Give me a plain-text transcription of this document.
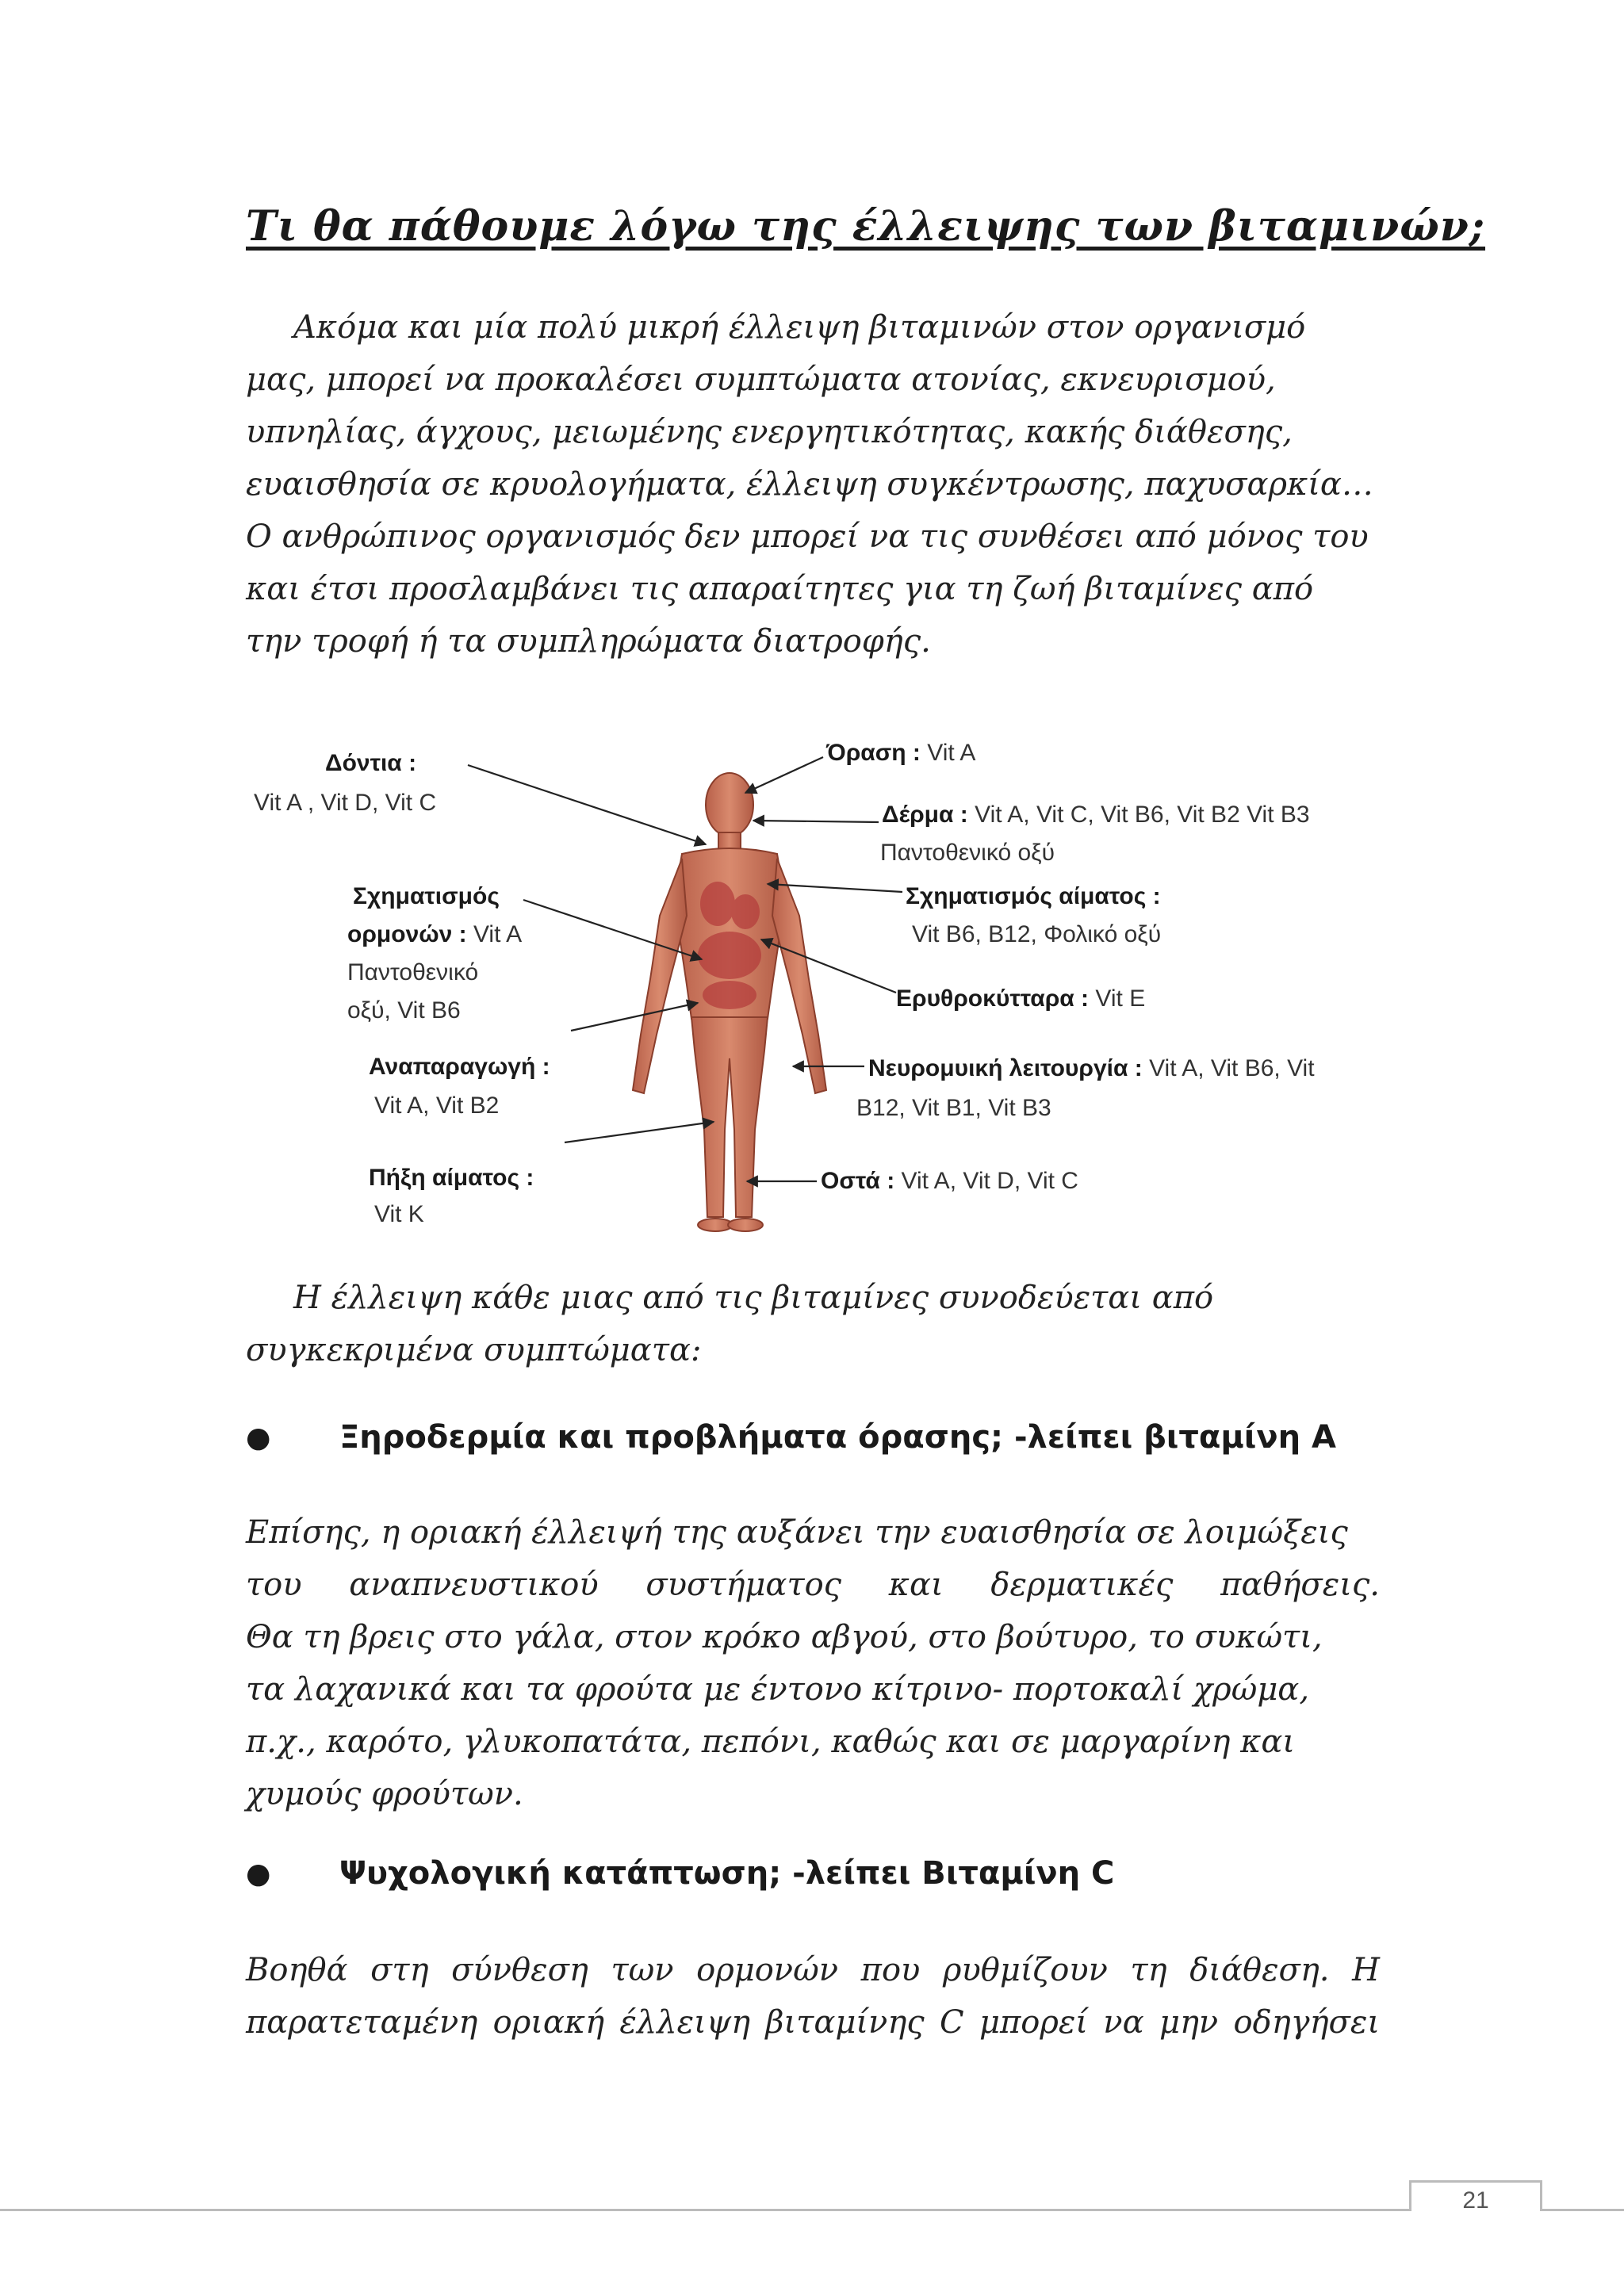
Τι θα πάθουμε λόγω της έλλειψης των βιταμινών;
Ακόμα και μία πολύ μικρή έλλειψη βιταμινών στον οργανισμό
μας, μπορεί να προκαλέσει συμπτώματα ατονίας, εκνευρισμού,
υπνηλίας, άγχους, μειωμένης ενεργητικότητας, κακής διάθεσης,
ευαισθησία σε κρυολογήματα, έλλειψη συγκέντρωσης, παχυσαρκία…
Ο ανθρώπινος οργανισμός δεν μπορεί να τις συνθέσει από μόνος του
και έτσι προσλαμβάνει τις απαραίτητες για τη ζωή βιταμίνες από
την τροφή ή τα συμπληρώματα διατροφής.
Δόντια :
Vit A , Vit D, Vit C
Σχηματισμός
ορμονών : Vit A
Παντοθενικό
οξύ, Vit B6
Αναπαραγωγή :
Vit A, Vit B2
Πήξη αίματος :
Vit K
Όραση : Vit A
Δέρμα : Vit A, Vit C, Vit B6, Vit B2 Vit B3
Παντοθενικό οξύ
Σχηματισμός αίματος :
Vit B6, B12, Φολικό οξύ
Ερυθροκύτταρα : Vit E
Νευρομυική λειτουργία : Vit A, Vit B6, Vit
B12, Vit B1, Vit B3
Οστά : Vit A, Vit D, Vit C
Η έλλειψη κάθε μιας από τις βιταμίνες συνοδεύεται από
συγκεκριμένα συμπτώματα:
●	Ξηροδερμία και προβλήματα όρασης; -λείπει βιταμίνη Α
Επίσης, η οριακή έλλειψή της αυξάνει την ευαισθησία σε λοιμώξεις
του αναπνευστικού συστήματος και δερματικές παθήσεις.
Θα τη βρεις στο γάλα, στον κρόκο αβγού, στο βούτυρο, το συκώτι,
τα λαχανικά και τα φρούτα με έντονο κίτρινο- πορτοκαλί χρώμα,
π.χ., καρότο, γλυκοπατάτα, πεπόνι, καθώς και σε μαργαρίνη και
χυμούς φρούτων.
●	Ψυχολογική κατάπτωση; -λείπει Βιταμίνη C
Βοηθά στη σύνθεση των ορμονών που ρυθμίζουν τη διάθεση. Η
παρατεταμένη οριακή έλλειψη βιταμίνης C μπορεί να μην οδηγήσει
21
